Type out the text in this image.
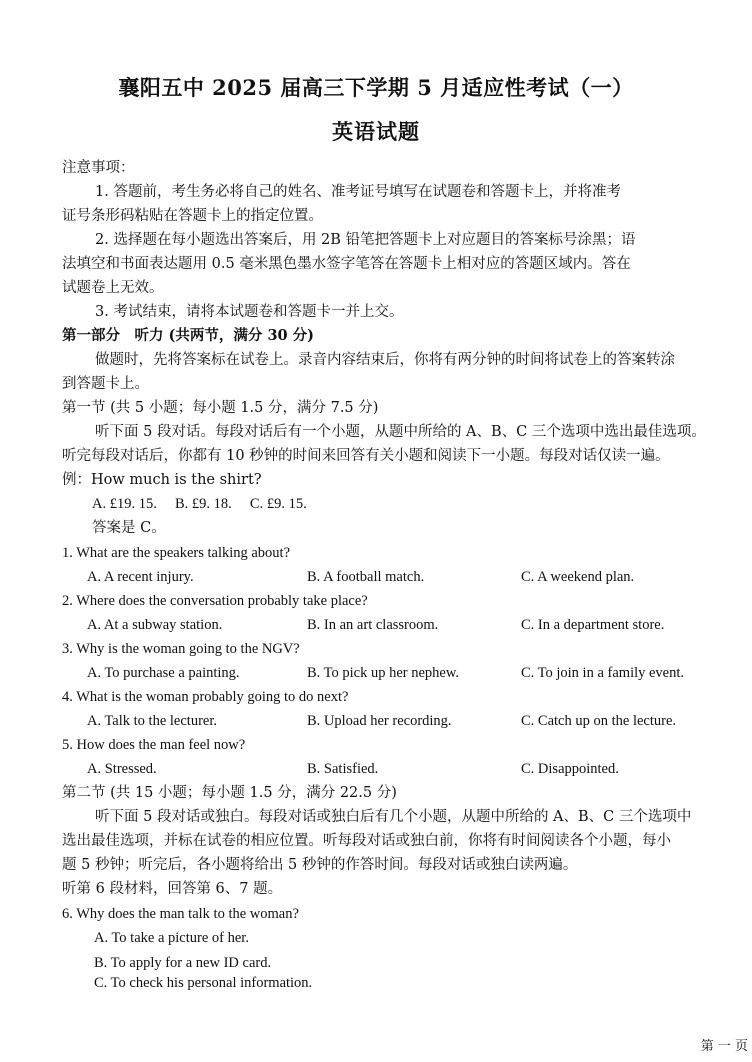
襄阳五中 2025 届高三下学期 5 月适应性考试（一）
英语试题
注意事项：
1. 答题前，考生务必将自己的姓名、准考证号填写在试题卷和答题卡上，并将准考
证号条形码粘贴在答题卡上的指定位置。
2. 选择题在每小题选出答案后，用 2B 铅笔把答题卡上对应题目的答案标号涂黑；语
法填空和书面表达题用 0.5 毫米黑色墨水签字笔答在答题卡上相对应的答题区域内。答在
试题卷上无效。
3. 考试结束，请将本试题卷和答题卡一并上交。
第一部分　听力 (共两节，满分 30 分)
做题时，先将答案标在试卷上。录音内容结束后，你将有两分钟的时间将试卷上的答案转涂
到答题卡上。
第一节 (共 5 小题；每小题 1.5 分，满分 7.5 分)
听下面 5 段对话。每段对话后有一个小题，从题中所给的 A、B、C 三个选项中选出最佳选项。
听完每段对话后，你都有 10 秒钟的时间来回答有关小题和阅读下一小题。每段对话仅读一遍。
例：How much is the shirt?
A. £19. 15.　 B. £9. 18.　 C. £9. 15.
答案是 C。
1. What are the speakers talking about?
A. A recent injury.	B. A football match.	C. A weekend plan.
2. Where does the conversation probably take place?
A. At a subway station.	B. In an art classroom.	C. In a department store.
3. Why is the woman going to the NGV?
A. To purchase a painting.	B. To pick up her nephew.	C. To join in a family event.
4. What is the woman probably going to do next?
A. Talk to the lecturer.	B. Upload her recording.	C. Catch up on the lecture.
5. How does the man feel now?
A. Stressed.	B. Satisfied.	C. Disappointed.
第二节 (共 15 小题；每小题 1.5 分，满分 22.5 分)
听下面 5 段对话或独白。每段对话或独白后有几个小题，从题中所给的 A、B、C 三个选项中
选出最佳选项，并标在试卷的相应位置。听每段对话或独白前，你将有时间阅读各个小题，每小
题 5 秒钟；听完后，各小题将给出 5 秒钟的作答时间。每段对话或独白读两遍。
听第 6 段材料，回答第 6、7 题。
6. Why does the man talk to the woman?
A. To take a picture of her.
B. To apply for a new ID card.
C. To check his personal information.
第 一 页
